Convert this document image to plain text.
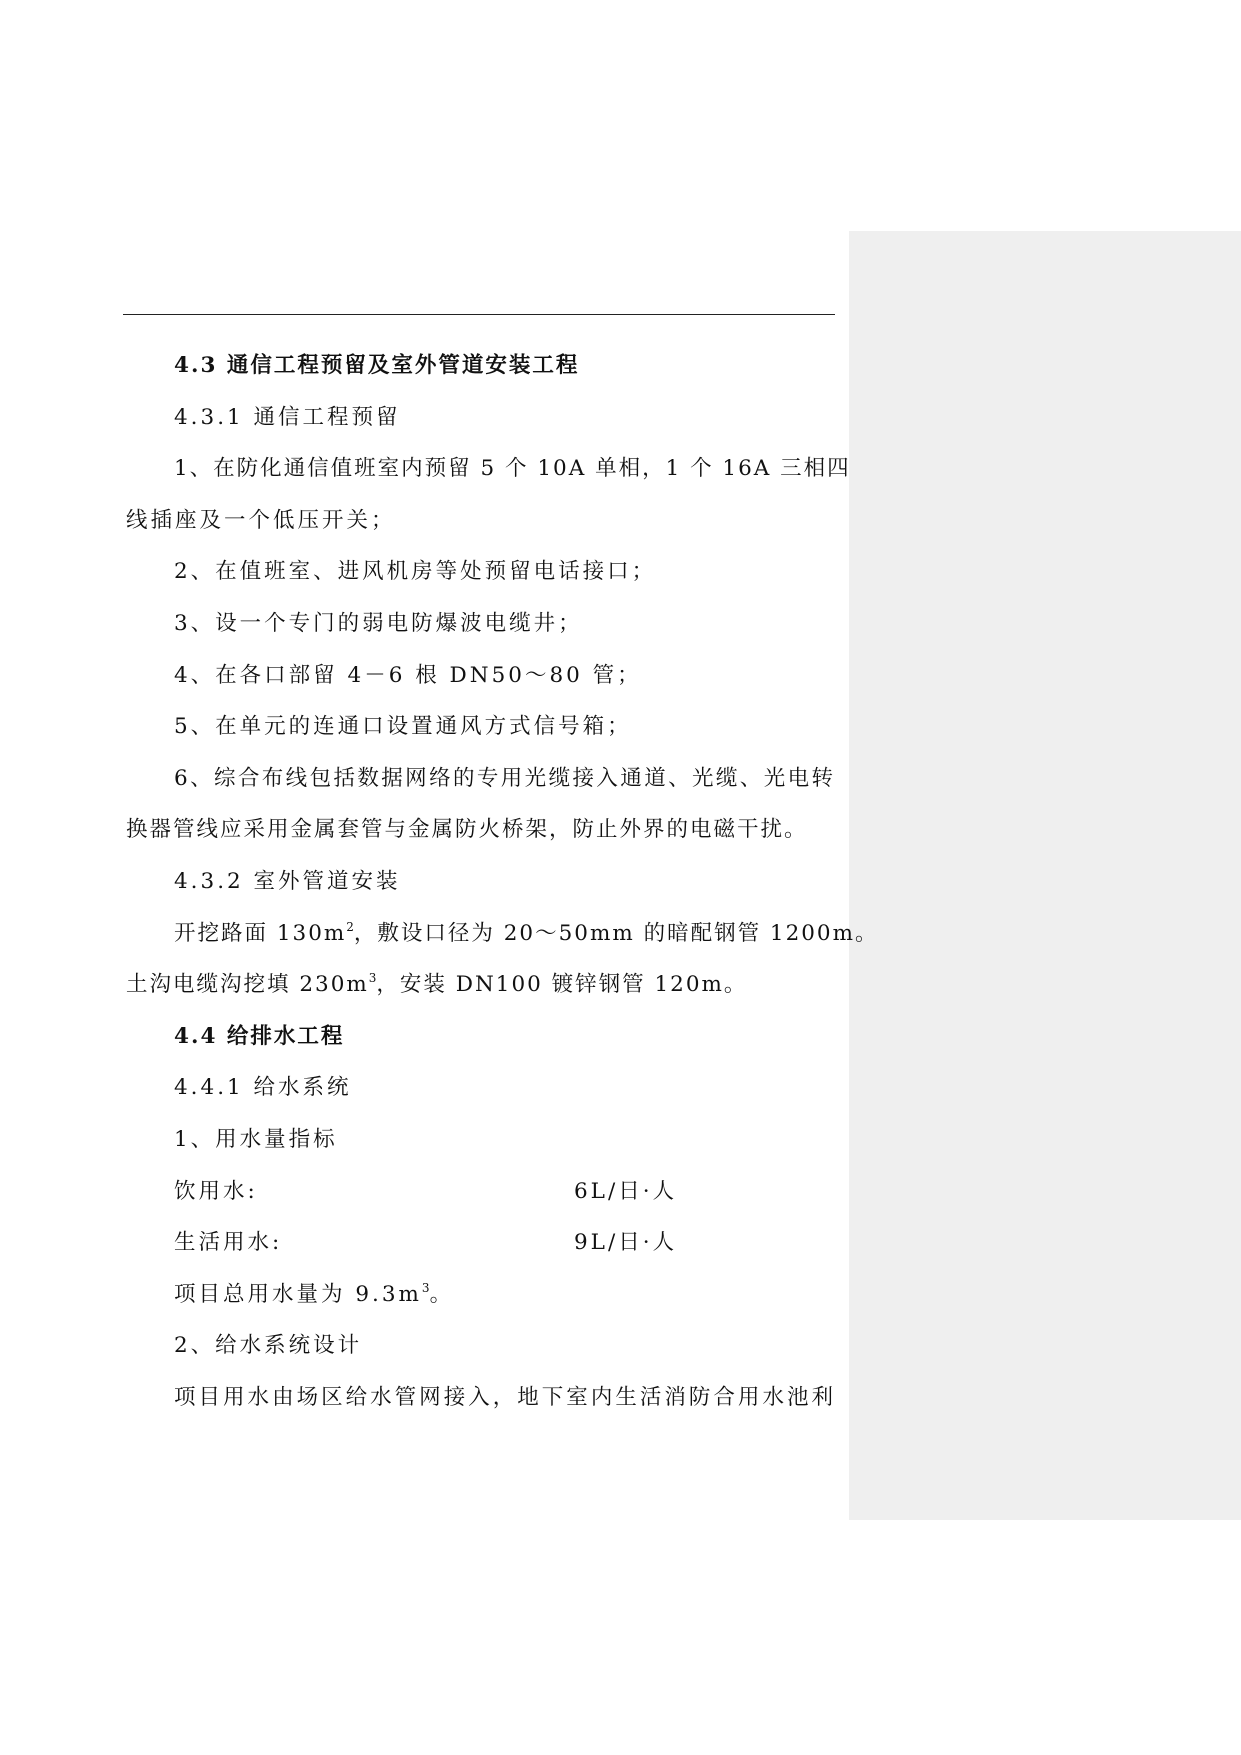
4.3 通信工程预留及室外管道安装工程
4.3.1 通信工程预留
1、在防化通信值班室内预留 5 个 10A 单相，1 个 16A 三相四
线插座及一个低压开关；
2、在值班室、进风机房等处预留电话接口；
3、设一个专门的弱电防爆波电缆井；
4、在各口部留 4－6 根 DN50～80 管；
5、在单元的连通口设置通风方式信号箱；
6、综合布线包括数据网络的专用光缆接入通道、光缆、光电转
换器管线应采用金属套管与金属防火桥架，防止外界的电磁干扰。
4.3.2 室外管道安装
开挖路面 $130m^2$，敷设口径为 20～50mm 的暗配钢管 1200m。
土沟电缆沟挖填 $230m^3$，安装 DN100 镀锌钢管 120m。
4.4 给排水工程
4.4.1 给水系统
1、用水量指标
饮用水:	6L/日·人
生活用水:	9L/日·人
项目总用水量为 $9.3m^3$。
2、给水系统设计
项目用水由场区给水管网接入，地下室内生活消防合用水池利
